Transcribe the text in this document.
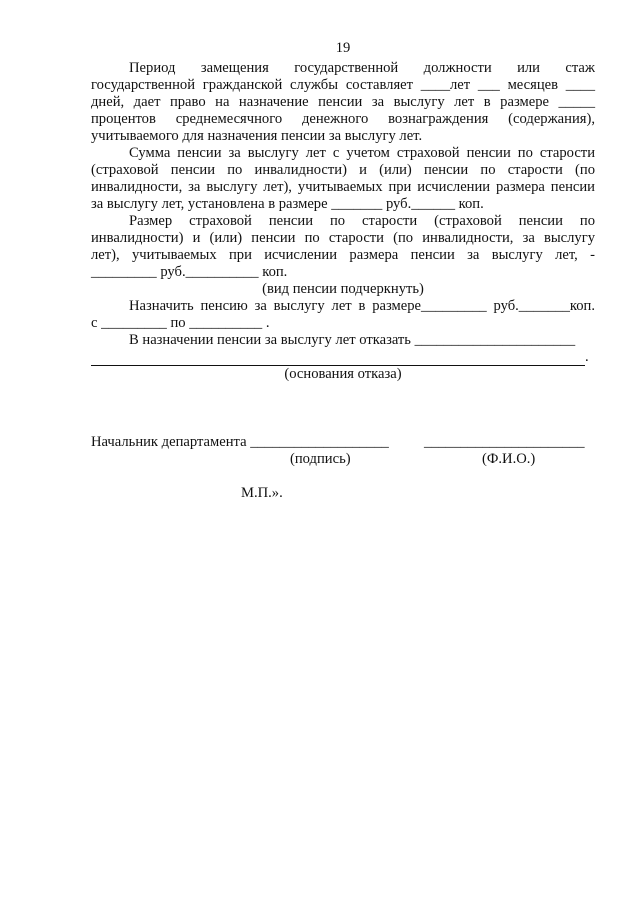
19

Период замещения государственной должности или стаж

государственной гражданской службы составляет ____лет ___ месяцев ____

дней, дает право на назначение пенсии за выслугу лет в размере _____

процентов среднемесячного денежного вознаграждения (содержания),

учитываемого для назначения пенсии за выслугу лет.

Сумма пенсии за выслугу лет с учетом страховой пенсии по старости

(страховой пенсии по инвалидности) и (или) пенсии по старости (по

инвалидности, за выслугу лет), учитываемых при исчислении размера пенсии

за выслугу лет, установлена в размере _______ руб.______ коп.

Размер страховой пенсии по старости (страховой пенсии по

инвалидности) и (или) пенсии по старости (по инвалидности, за выслугу

лет), учитываемых при исчислении размера пенсии за выслугу лет, -

_________ руб.__________ коп.

(вид пенсии подчеркнуть)

Назначить пенсию за выслугу лет в размере_________ руб._______коп.

с _________ по __________ .

В назначении пенсии за выслугу лет отказать ______________________

.

(основания отказа)

Начальник департамента ___________________ ______________________
(подпись)	(Ф.И.О.)
М.П.».
